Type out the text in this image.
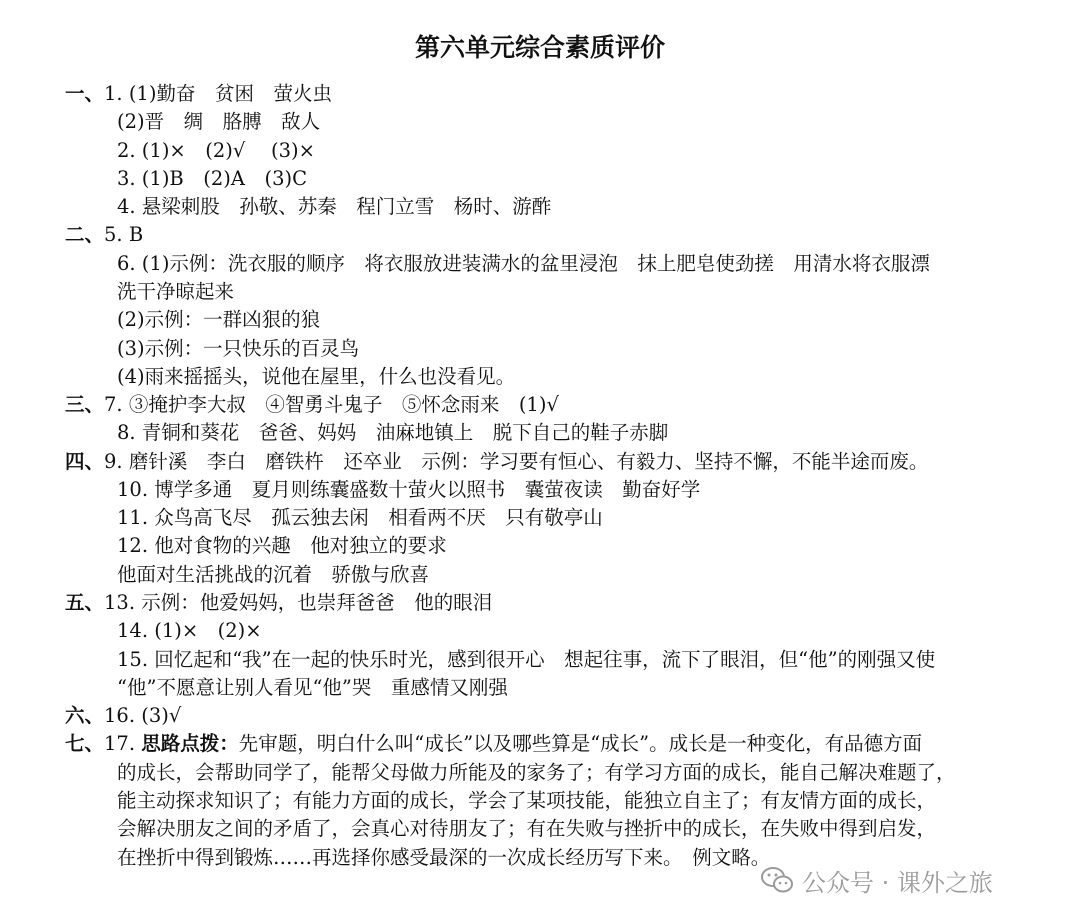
第六单元综合素质评价
一、1. (1)勤奋　贫困　萤火虫
(2)晋　绸　胳膊　敌人
2. (1)×　(2)√　 (3)×
3. (1)B　(2)A　(3)C
4. 悬梁刺股　孙敬、苏秦　程门立雪　杨时、游酢
二、5. B
6. (1)示例：洗衣服的顺序　将衣服放进装满水的盆里浸泡　抹上肥皂使劲搓　用清水将衣服漂
洗干净晾起来
(2)示例：一群凶狠的狼
(3)示例：一只快乐的百灵鸟
(4)雨来摇摇头，说他在屋里，什么也没看见。
三、7. ③掩护李大叔　④智勇斗鬼子　⑤怀念雨来　(1)√
8. 青铜和葵花　爸爸、妈妈　油麻地镇上　脱下自己的鞋子赤脚
四、9. 磨针溪　李白　磨铁杵　还卒业　示例：学习要有恒心、有毅力、坚持不懈，不能半途而废。
10. 博学多通　夏月则练囊盛数十萤火以照书　囊萤夜读　勤奋好学
11. 众鸟高飞尽　孤云独去闲　相看两不厌　只有敬亭山
12. 他对食物的兴趣　他对独立的要求
他面对生活挑战的沉着　骄傲与欣喜
五、13. 示例：他爱妈妈，也崇拜爸爸　他的眼泪
14. (1)×　(2)×
15. 回忆起和“我”在一起的快乐时光，感到很开心　想起往事，流下了眼泪，但“他”的刚强又使
“他”不愿意让别人看见“他”哭　重感情又刚强
六、16. (3)√
七、17. 思路点拨：先审题，明白什么叫“成长”以及哪些算是“成长”。成长是一种变化，有品德方面
的成长，会帮助同学了，能帮父母做力所能及的家务了；有学习方面的成长，能自己解决难题了，
能主动探求知识了；有能力方面的成长，学会了某项技能，能独立自主了；有友情方面的成长，
会解决朋友之间的矛盾了，会真心对待朋友了；有在失败与挫折中的成长，在失败中得到启发，
在挫折中得到锻炼……再选择你感受最深的一次成长经历写下来。　例文略。
公众号 · 课外之旅
